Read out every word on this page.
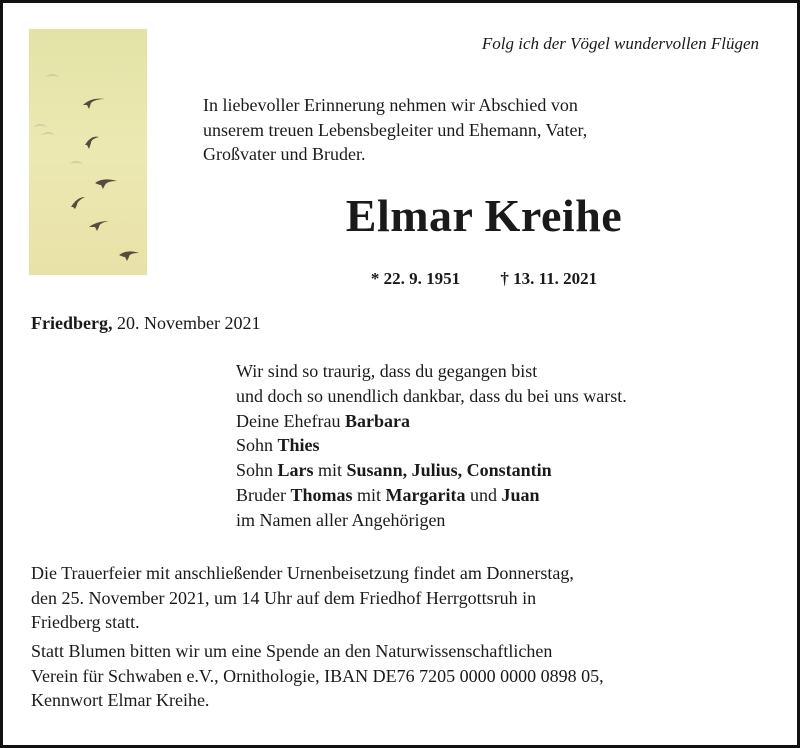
Folg ich der Vögel wundervollen Flügen
In liebevoller Erinnerung nehmen wir Abschied von
unserem treuen Lebensbegleiter und Ehemann, Vater,
Großvater und Bruder.
Elmar Kreihe
* 22. 9. 1951 † 13. 11. 2021
Friedberg, 20. November 2021
Wir sind so traurig, dass du gegangen bist
und doch so unendlich dankbar, dass du bei uns warst.
Deine Ehefrau Barbara
Sohn Thies
Sohn Lars mit Susann, Julius, Constantin
Bruder Thomas mit Margarita und Juan
im Namen aller Angehörigen
Die Trauerfeier mit anschließender Urnenbeisetzung findet am Donnerstag,
den 25. November 2021, um 14 Uhr auf dem Friedhof Herrgottsruh in
Friedberg statt.
Statt Blumen bitten wir um eine Spende an den Naturwissenschaftlichen
Verein für Schwaben e.V., Ornithologie, IBAN DE76 7205 0000 0000 0898 05,
Kennwort Elmar Kreihe.
